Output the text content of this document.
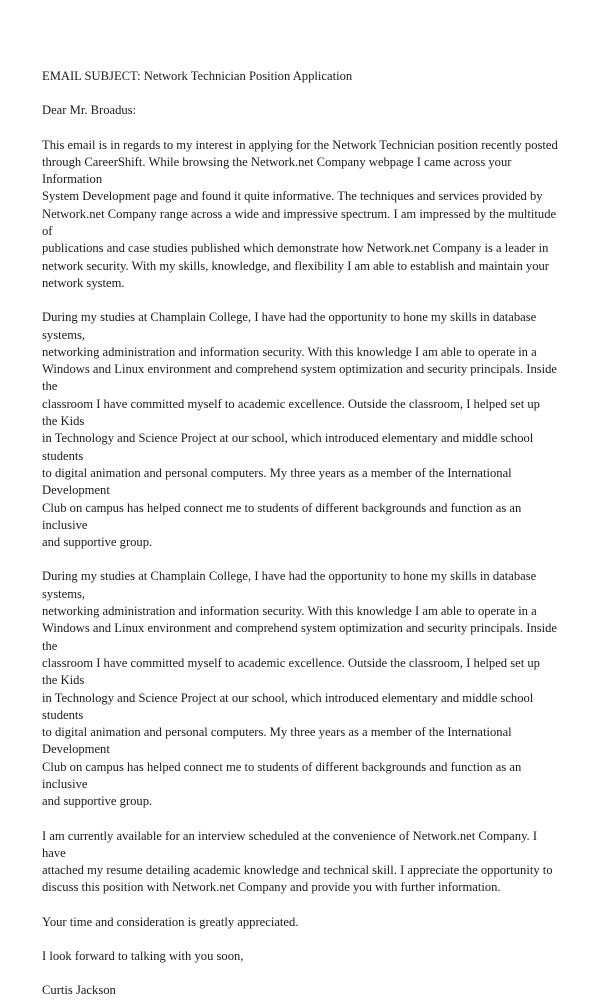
EMAIL SUBJECT: Network Technician Position Application
Dear Mr. Broadus:
This email is in regards to my interest in applying for the Network Technician position recently posted
through CareerShift. While browsing the Network.net Company webpage I came across your Information
System Development page and found it quite informative. The techniques and services provided by
Network.net Company range across a wide and impressive spectrum. I am impressed by the multitude of
publications and case studies published which demonstrate how Network.net Company is a leader in
network security. With my skills, knowledge, and flexibility I am able to establish and maintain your
network system.
During my studies at Champlain College, I have had the opportunity to hone my skills in database systems,
networking administration and information security. With this knowledge I am able to operate in a
Windows and Linux environment and comprehend system optimization and security principals. Inside the
classroom I have committed myself to academic excellence. Outside the classroom, I helped set up the Kids
in Technology and Science Project at our school, which introduced elementary and middle school students
to digital animation and personal computers. My three years as a member of the International Development
Club on campus has helped connect me to students of different backgrounds and function as an inclusive
and supportive group.
During my studies at Champlain College, I have had the opportunity to hone my skills in database systems,
networking administration and information security. With this knowledge I am able to operate in a
Windows and Linux environment and comprehend system optimization and security principals. Inside the
classroom I have committed myself to academic excellence. Outside the classroom, I helped set up the Kids
in Technology and Science Project at our school, which introduced elementary and middle school students
to digital animation and personal computers. My three years as a member of the International Development
Club on campus has helped connect me to students of different backgrounds and function as an inclusive
and supportive group.
I am currently available for an interview scheduled at the convenience of Network.net Company. I have
attached my resume detailing academic knowledge and technical skill. I appreciate the opportunity to
discuss this position with Network.net Company and provide you with further information.
Your time and consideration is greatly appreciated.
I look forward to talking with you soon,
Curtis Jackson
